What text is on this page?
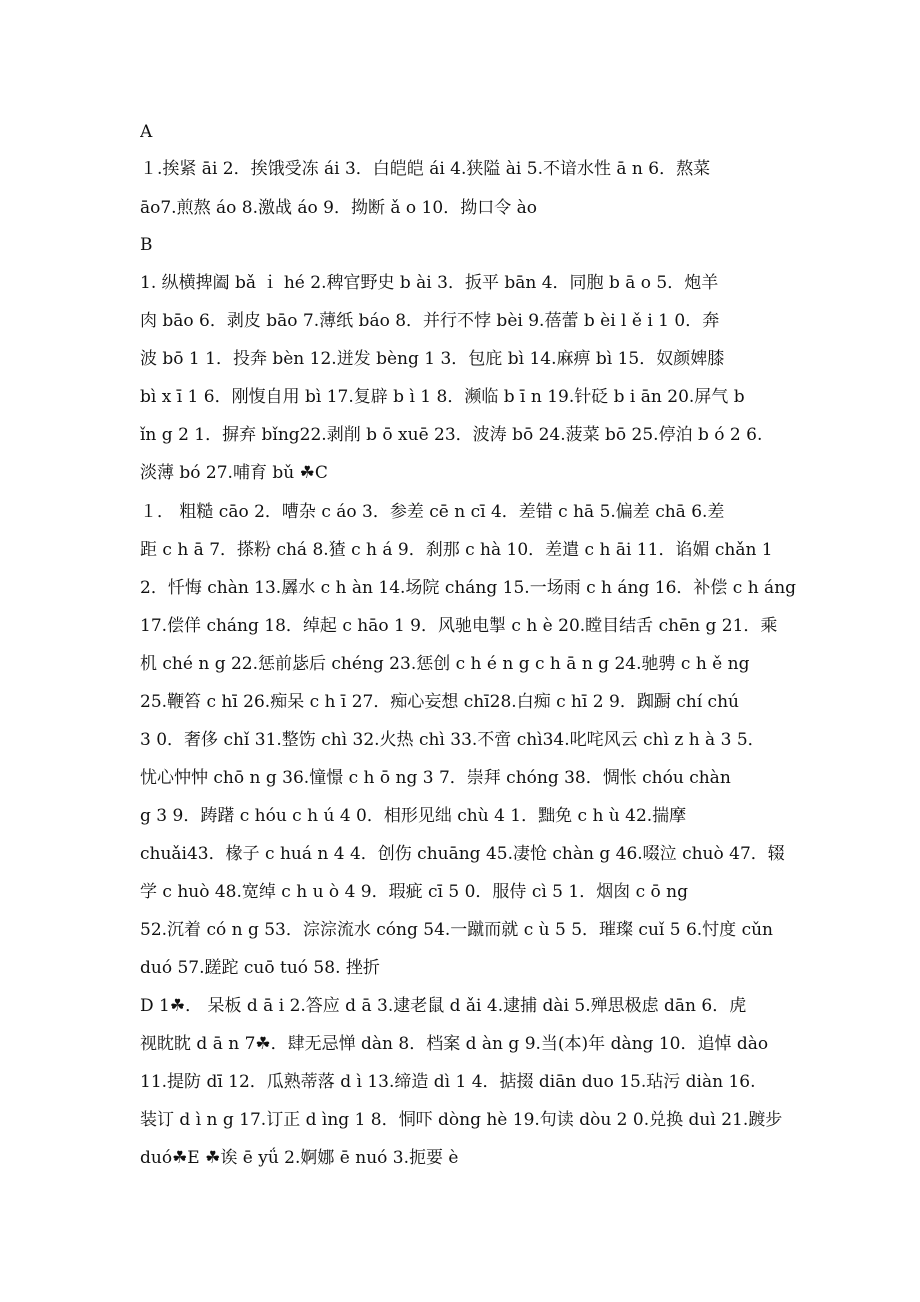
A
１.挨紧 āi 2．挨饿受冻 ái 3．白皑皑 ái 4.狭隘 ài 5.不谙水性 ā n 6．熬菜
āo7.煎熬 áo 8.激战 áo 9．拗断 ǎ o 10．拗口令 ào
B
1. 纵横捭阖 bǎ ｉ hé 2.稗官野史 b ài 3．扳平 bān 4．同胞 b ā o 5．炮羊
肉 bāo 6．剥皮 bāo 7.薄纸 báo 8．并行不悖 bèi 9.蓓蕾 b èi l ě i 1 0．奔
波 bō 1 1．投奔 bèn 12.迸发 bèng 1 3．包庇 bì 14.麻痹 bì 15．奴颜婢膝
bì x ī 1 6．刚愎自用 bì 17.复辟 b ì 1 8．濒临 b ī n 19.针砭 b i ān 20.屏气 b
ǐn g 2 1．摒弃 bǐng22.剥削 b ō xuē 23．波涛 bō 24.菠菜 bō 25.停泊 b ó 2 6.
淡薄 bó 27.哺育 bǔ ☘C
１． 粗糙 cāo 2．嘈杂 c áo 3．参差 cē n cī 4．差错 c hā 5.偏差 chā 6.差
距 c h ā 7．搽粉 chá 8.猹 c h á 9．刹那 c hà 10．差遣 c h āi 11．谄媚 chǎn 1
2．忏悔 chàn 13.羼水 c h àn 14.场院 cháng 15.一场雨 c h áng 16．补偿 c h áng
17.偿佯 cháng 18．绰起 c hāo 1 9．风驰电掣 c h è 20.瞠目结舌 chēn g 21．乘
机 ché n g 22.惩前毖后 chéng 23.惩创 c h é n g c h ā n g 24.驰骋 c h ě ng
25.鞭笞 c hī 26.痴呆 c h ī 27．痴心妄想 chī28.白痴 c hī 2 9．踟蹰 chí chú
3 0．奢侈 chǐ 31.整饬 chì 32.火热 chì 33.不啻 chì34.叱咤风云 chì z h à 3 5．
忧心忡忡 chō n g 36.憧憬 c h ō ng 3 7．崇拜 chóng 38．惆怅 chóu chàn
g 3 9．踌躇 c hóu c h ú 4 0．相形见绌 chù 4 1．黜免 c h ù 42.揣摩
chuǎi43．椽子 c huá n 4 4．创伤 chuāng 45.凄怆 chàn g 46.啜泣 chuò 47．辍
学 c huò 48.宽绰 c h u ò 4 9．瑕疵 cī 5 0．服侍 cì 5 1．烟囱 c ō ng
52.沉着 có n g 53．淙淙流水 cóng 54.一蹴而就 c ù 5 5．璀璨 cuǐ 5 6.忖度 cǔn
duó 57.蹉跎 cuō tuó 58. 挫折
D 1☘． 呆板 d ā i 2.答应 d ā 3.逮老鼠 d ǎi 4.逮捕 dài 5.殚思极虑 dān 6．虎
视眈眈 d ā n 7☘．肆无忌惮 dàn 8．档案 d àn g 9.当(本)年 dàng 10．追悼 dào
11.提防 dī 12．瓜熟蒂落 d ì 13.缔造 dì 1 4．掂掇 diān duo 15.玷污 diàn 16.
装订 d ì n g 17.订正 d ìng 1 8．恫吓 dòng hè 19.句读 dòu 2 0.兑换 duì 21.踱步
duó☘E ☘诶 ē yǘ 2.婀娜 ē nuó 3.扼要 è
